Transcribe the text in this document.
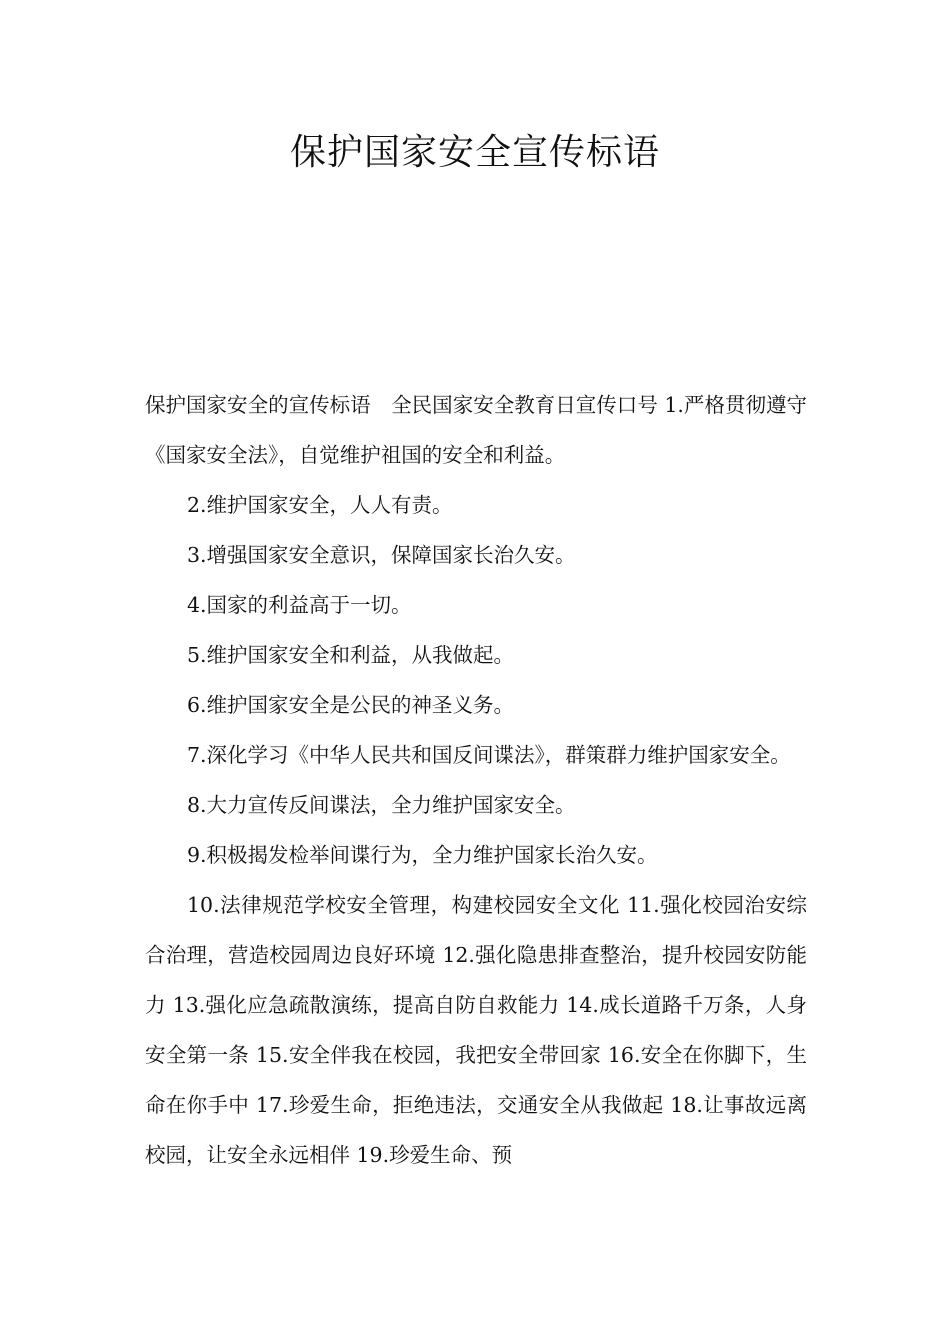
保护国家安全宣传标语

保护国家安全的宣传标语　全民国家安全教育日宣传口号 1.严格贯彻遵守《国家安全法》，自觉维护祖国的安全和利益。

2.维护国家安全，人人有责。

3.增强国家安全意识，保障国家长治久安。

4.国家的利益高于一切。

5.维护国家安全和利益，从我做起。

6.维护国家安全是公民的神圣义务。

7.深化学习《中华人民共和国反间谍法》，群策群力维护国家安全。

8.大力宣传反间谍法，全力维护国家安全。

9.积极揭发检举间谍行为，全力维护国家长治久安。

10.法律规范学校安全管理，构建校园安全文化 11.强化校园治安综合治理，营造校园周边良好环境 12.强化隐患排查整治，提升校园安防能力 13.强化应急疏散演练，提高自防自救能力 14.成长道路千万条，人身安全第一条 15.安全伴我在校园，我把安全带回家 16.安全在你脚下，生命在你手中 17.珍爱生命，拒绝违法，交通安全从我做起 18.让事故远离校园，让安全永远相伴 19.珍爱生命、预
